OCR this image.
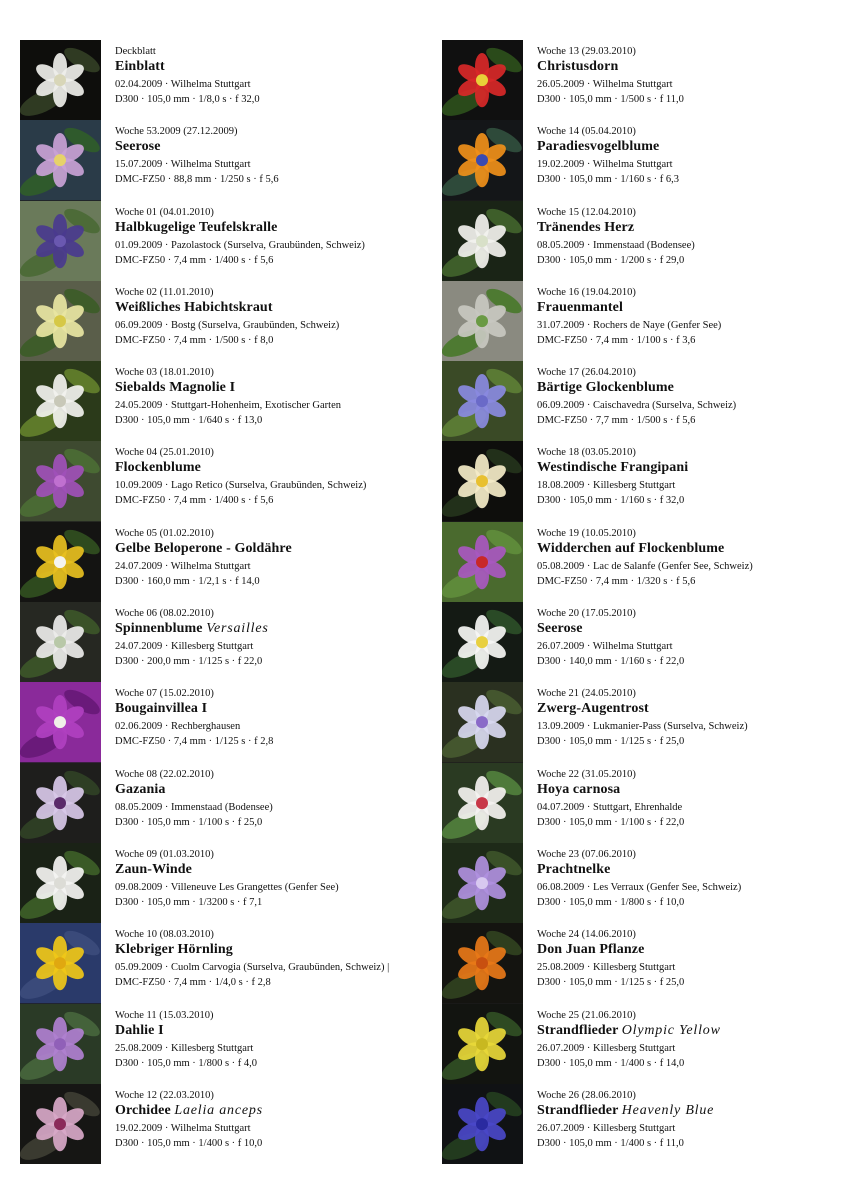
Deckblatt
Einblatt
02.04.2009 · Wilhelma Stuttgart
D300 · 105,0 mm · 1/8,0 s · f 32,0
Woche 53.2009 (27.12.2009)
Seerose
15.07.2009 · Wilhelma Stuttgart
DMC-FZ50 · 88,8 mm · 1/250 s · f 5,6
Woche 01 (04.01.2010)
Halbkugelige Teufelskralle
01.09.2009 · Pazolastock (Surselva, Graubünden, Schweiz)
DMC-FZ50 · 7,4 mm · 1/400 s · f 5,6
Woche 02 (11.01.2010)
Weißliches Habichtskraut
06.09.2009 · Bostg (Surselva, Graubünden, Schweiz)
DMC-FZ50 · 7,4 mm · 1/500 s · f 8,0
Woche 03 (18.01.2010)
Siebalds Magnolie I
24.05.2009 · Stuttgart-Hohenheim, Exotischer Garten
D300 · 105,0 mm · 1/640 s · f 13,0
Woche 04 (25.01.2010)
Flockenblume
10.09.2009 · Lago Retico (Surselva, Graubünden, Schweiz)
DMC-FZ50 · 7,4 mm · 1/400 s · f 5,6
Woche 05 (01.02.2010)
Gelbe Beloperone - Goldähre
24.07.2009 · Wilhelma Stuttgart
D300 · 160,0 mm · 1/2,1 s · f 14,0
Woche 06 (08.02.2010)
Spinnenblume Versailles
24.07.2009 · Killesberg Stuttgart
D300 · 200,0 mm · 1/125 s · f 22,0
Woche 07 (15.02.2010)
Bougainvillea I
02.06.2009 · Rechberghausen
DMC-FZ50 · 7,4 mm · 1/125 s · f 2,8
Woche 08 (22.02.2010)
Gazania
08.05.2009 · Immenstaad (Bodensee)
D300 · 105,0 mm · 1/100 s · f 25,0
Woche 09 (01.03.2010)
Zaun-Winde
09.08.2009 · Villeneuve Les Grangettes (Genfer See)
D300 · 105,0 mm · 1/3200 s · f 7,1
Woche 10 (08.03.2010)
Klebriger Hörnling
05.09.2009 · Cuolm Carvogia (Surselva, Graubünden, Schweiz) | DMC-FZ50 · 7,4 mm · 1/4,0 s · f 2,8
Woche 11 (15.03.2010)
Dahlie I
25.08.2009 · Killesberg Stuttgart
D300 · 105,0 mm · 1/800 s · f 4,0
Woche 12 (22.03.2010)
Orchidee Laelia anceps
19.02.2009 · Wilhelma Stuttgart
D300 · 105,0 mm · 1/400 s · f 10,0
Woche 13 (29.03.2010)
Christusdorn
26.05.2009 · Wilhelma Stuttgart
D300 · 105,0 mm · 1/500 s · f 11,0
Woche 14 (05.04.2010)
Paradiesvogelblume
19.02.2009 · Wilhelma Stuttgart
D300 · 105,0 mm · 1/160 s · f 6,3
Woche 15 (12.04.2010)
Tränendes Herz
08.05.2009 · Immenstaad (Bodensee)
D300 · 105,0 mm · 1/200 s · f 29,0
Woche 16 (19.04.2010)
Frauenmantel
31.07.2009 · Rochers de Naye (Genfer See)
DMC-FZ50 · 7,4 mm · 1/100 s · f 3,6
Woche 17 (26.04.2010)
Bärtige Glockenblume
06.09.2009 · Caischavedra (Surselva, Schweiz)
DMC-FZ50 · 7,7 mm · 1/500 s · f 5,6
Woche 18 (03.05.2010)
Westindische Frangipani
18.08.2009 · Killesberg Stuttgart
D300 · 105,0 mm · 1/160 s · f 32,0
Woche 19 (10.05.2010)
Widderchen auf Flockenblume
05.08.2009 · Lac de Salanfe (Genfer See, Schweiz)
DMC-FZ50 · 7,4 mm · 1/320 s · f 5,6
Woche 20 (17.05.2010)
Seerose
26.07.2009 · Wilhelma Stuttgart
D300 · 140,0 mm · 1/160 s · f 22,0
Woche 21 (24.05.2010)
Zwerg-Augentrost
13.09.2009 · Lukmanier-Pass (Surselva, Schweiz)
D300 · 105,0 mm · 1/125 s · f 25,0
Woche 22 (31.05.2010)
Hoya carnosa
04.07.2009 · Stuttgart, Ehrenhalde
D300 · 105,0 mm · 1/100 s · f 22,0
Woche 23 (07.06.2010)
Prachtnelke
06.08.2009 · Les Verraux (Genfer See, Schweiz)
D300 · 105,0 mm · 1/800 s · f 10,0
Woche 24 (14.06.2010)
Don Juan Pflanze
25.08.2009 · Killesberg Stuttgart
D300 · 105,0 mm · 1/125 s · f 25,0
Woche 25 (21.06.2010)
Strandflieder Olympic Yellow
26.07.2009 · Killesberg Stuttgart
D300 · 105,0 mm · 1/400 s · f 14,0
Woche 26 (28.06.2010)
Strandflieder Heavenly Blue
26.07.2009 · Killesberg Stuttgart
D300 · 105,0 mm · 1/400 s · f 11,0
